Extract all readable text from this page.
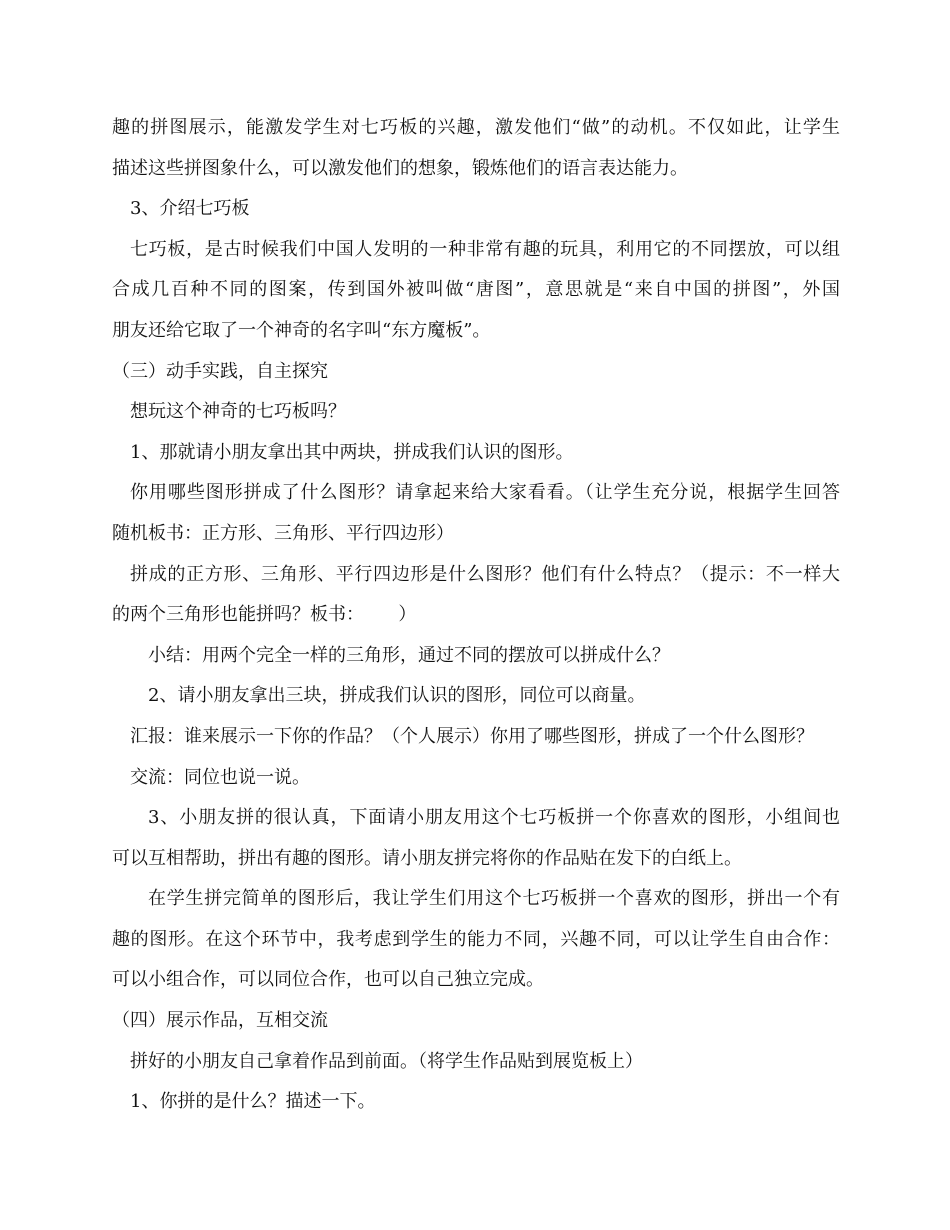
趣的拼图展示，能激发学生对七巧板的兴趣，激发他们“做”的动机。不仅如此，让学生
描述这些拼图象什么，可以激发他们的想象，锻炼他们的语言表达能力。
3、介绍七巧板
七巧板，是古时候我们中国人发明的一种非常有趣的玩具，利用它的不同摆放，可以组
合成几百种不同的图案，传到国外被叫做“唐图”，意思就是“来自中国的拼图”，外国
朋友还给它取了一个神奇的名字叫“东方魔板”。
（三）动手实践，自主探究
想玩这个神奇的七巧板吗？
1、那就请小朋友拿出其中两块，拼成我们认识的图形。
你用哪些图形拼成了什么图形？请拿起来给大家看看。（让学生充分说，根据学生回答
随机板书：正方形、三角形、平行四边形）
拼成的正方形、三角形、平行四边形是什么图形？他们有什么特点？（提示：不一样大
的两个三角形也能拼吗？板书：      ）
小结：用两个完全一样的三角形，通过不同的摆放可以拼成什么？
2、请小朋友拿出三块，拼成我们认识的图形，同位可以商量。
汇报：谁来展示一下你的作品？（个人展示）你用了哪些图形，拼成了一个什么图形？
交流：同位也说一说。
3、小朋友拼的很认真，下面请小朋友用这个七巧板拼一个你喜欢的图形，小组间也
可以互相帮助，拼出有趣的图形。请小朋友拼完将你的作品贴在发下的白纸上。
在学生拼完简单的图形后，我让学生们用这个七巧板拼一个喜欢的图形，拼出一个有
趣的图形。在这个环节中，我考虑到学生的能力不同，兴趣不同，可以让学生自由合作：
可以小组合作，可以同位合作，也可以自己独立完成。
（四）展示作品，互相交流
拼好的小朋友自己拿着作品到前面。（将学生作品贴到展览板上）
1、你拼的是什么？描述一下。
